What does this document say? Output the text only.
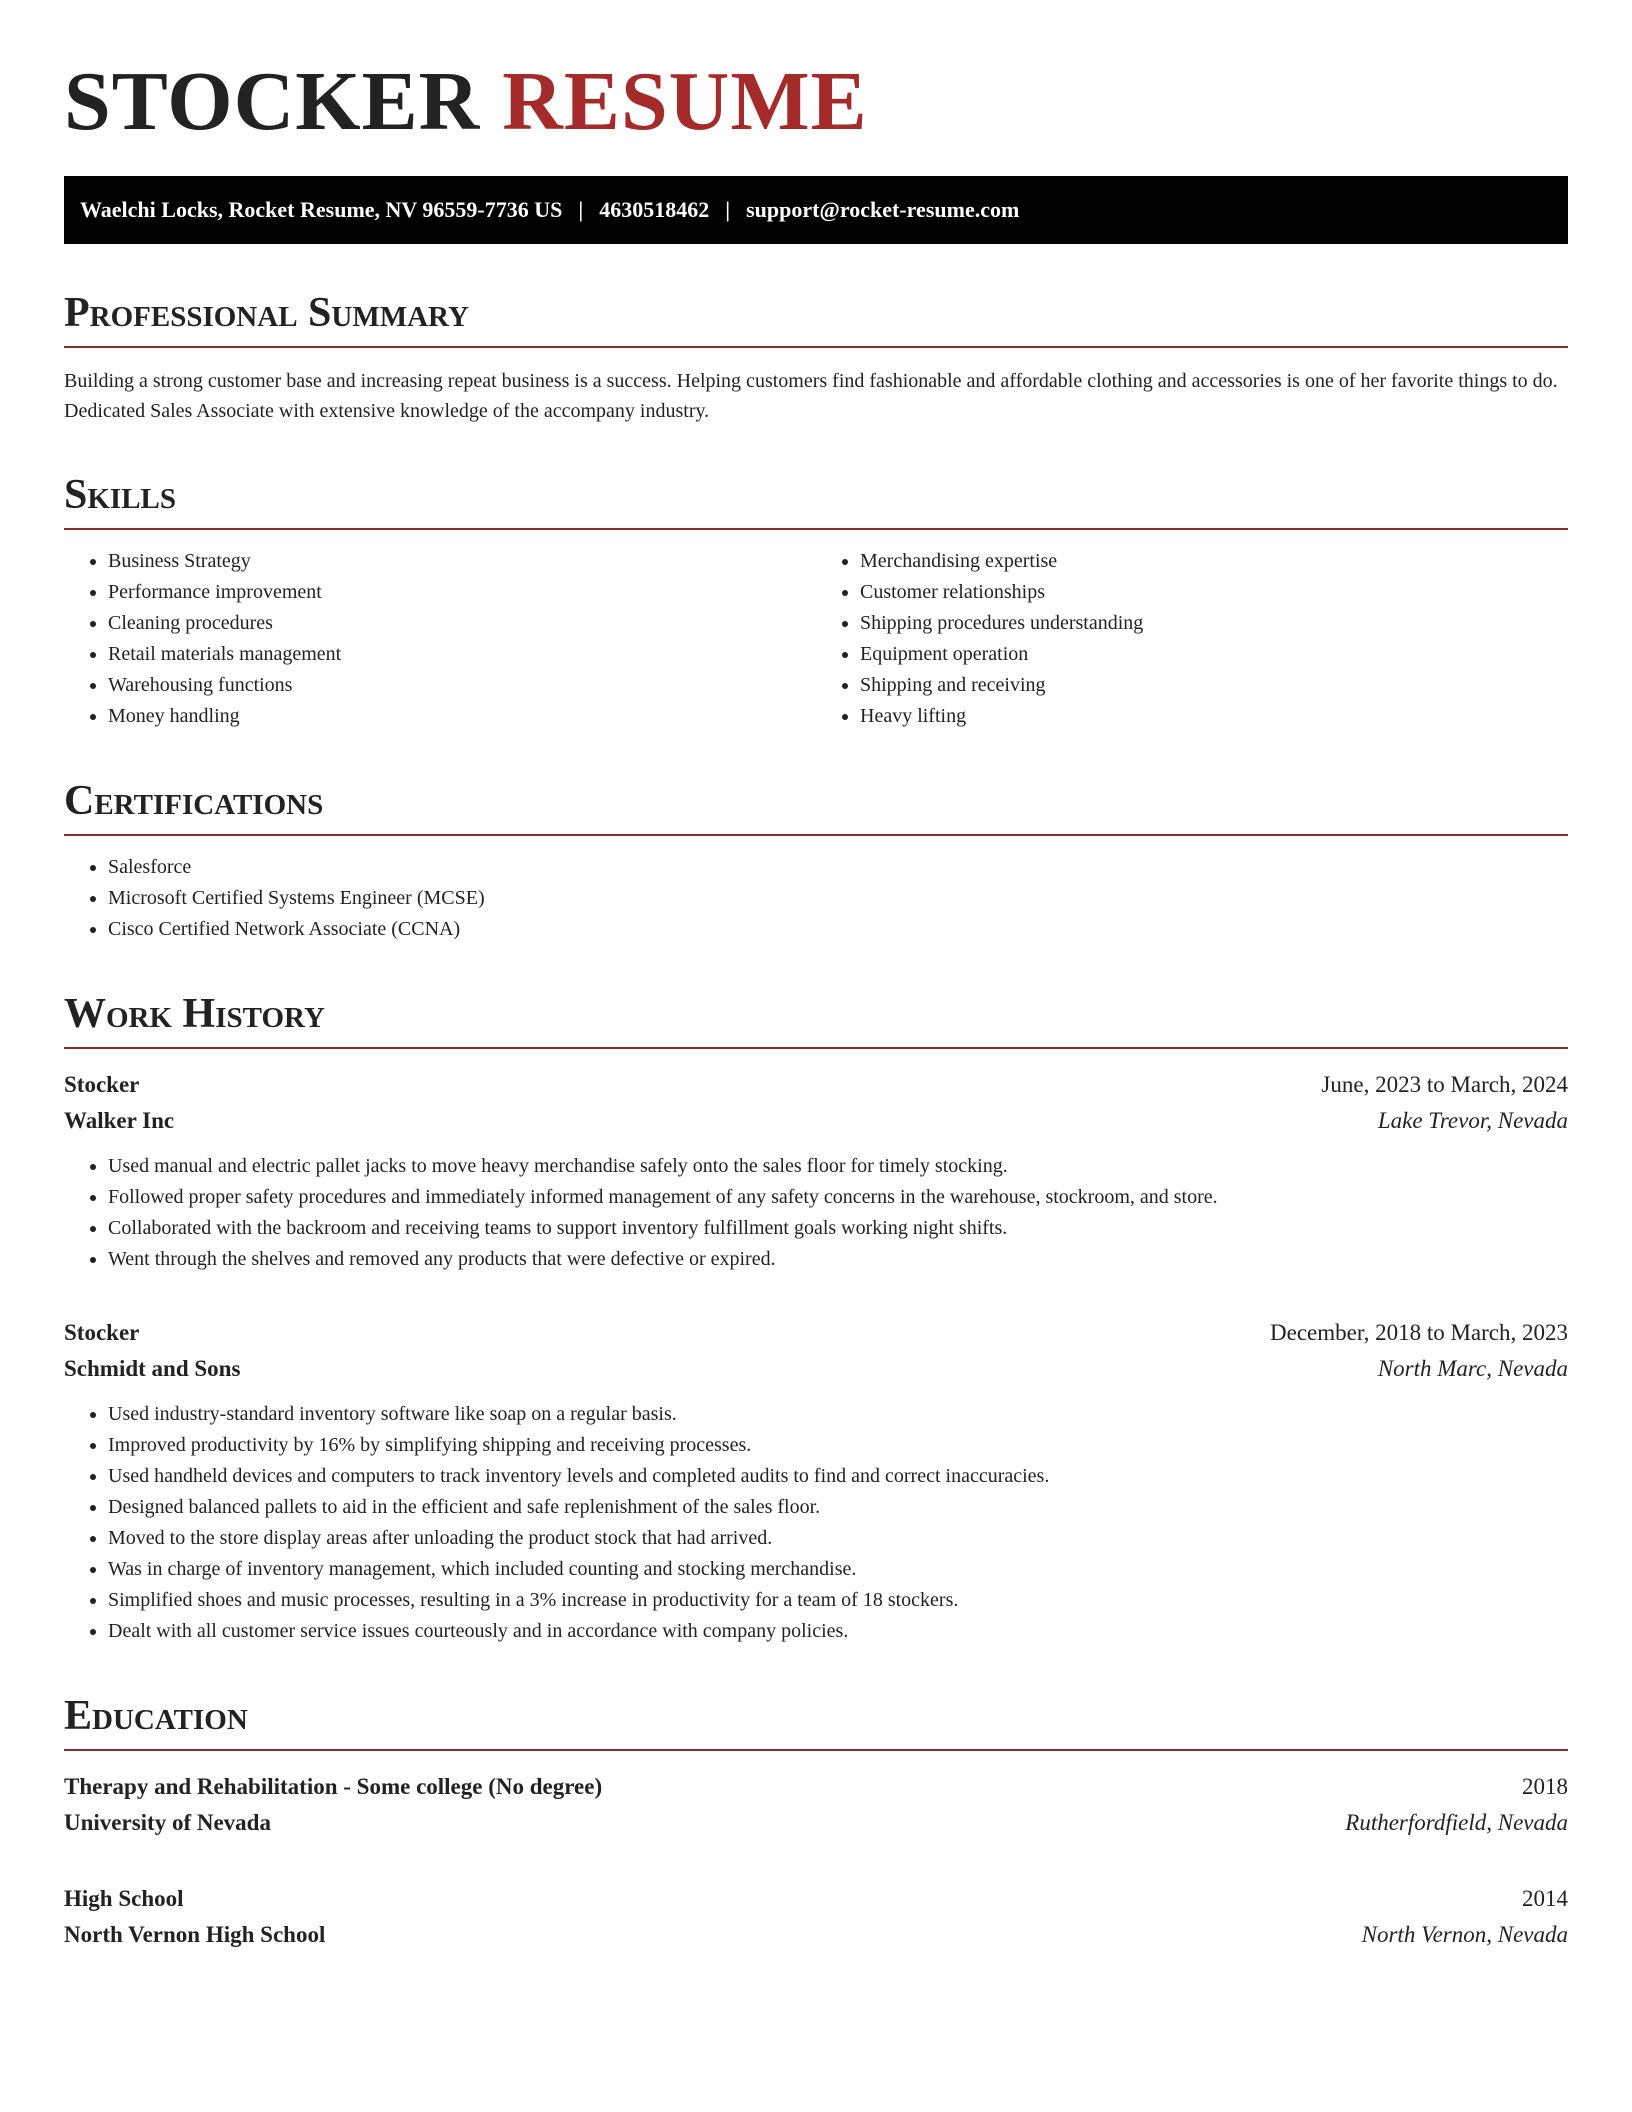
STOCKER RESUME
Waelchi Locks, Rocket Resume, NV 96559-7736 US | 4630518462 | support@rocket-resume.com
Professional Summary

Building a strong customer base and increasing repeat business is a success. Helping customers find fashionable and affordable clothing and accessories is one of her favorite things to do. Dedicated Sales Associate with extensive knowledge of the accompany industry.

Skills
• Business Strategy
• Performance improvement
• Cleaning procedures
• Retail materials management
• Warehousing functions
• Money handling
• Merchandising expertise
• Customer relationships
• Shipping procedures understanding
• Equipment operation
• Shipping and receiving
• Heavy lifting
Certifications
• Salesforce
• Microsoft Certified Systems Engineer (MCSE)
• Cisco Certified Network Associate (CCNA)
Work History
Stocker	June, 2023 to March, 2024
Walker Inc	Lake Trevor, Nevada
• Used manual and electric pallet jacks to move heavy merchandise safely onto the sales floor for timely stocking.
• Followed proper safety procedures and immediately informed management of any safety concerns in the warehouse, stockroom, and store.
• Collaborated with the backroom and receiving teams to support inventory fulfillment goals working night shifts.
• Went through the shelves and removed any products that were defective or expired.
Stocker	December, 2018 to March, 2023
Schmidt and Sons	North Marc, Nevada
• Used industry-standard inventory software like soap on a regular basis.
• Improved productivity by 16% by simplifying shipping and receiving processes.
• Used handheld devices and computers to track inventory levels and completed audits to find and correct inaccuracies.
• Designed balanced pallets to aid in the efficient and safe replenishment of the sales floor.
• Moved to the store display areas after unloading the product stock that had arrived.
• Was in charge of inventory management, which included counting and stocking merchandise.
• Simplified shoes and music processes, resulting in a 3% increase in productivity for a team of 18 stockers.
• Dealt with all customer service issues courteously and in accordance with company policies.
Education
Therapy and Rehabilitation - Some college (No degree)	2018
University of Nevada	Rutherfordfield, Nevada
High School	2014
North Vernon High School	North Vernon, Nevada
